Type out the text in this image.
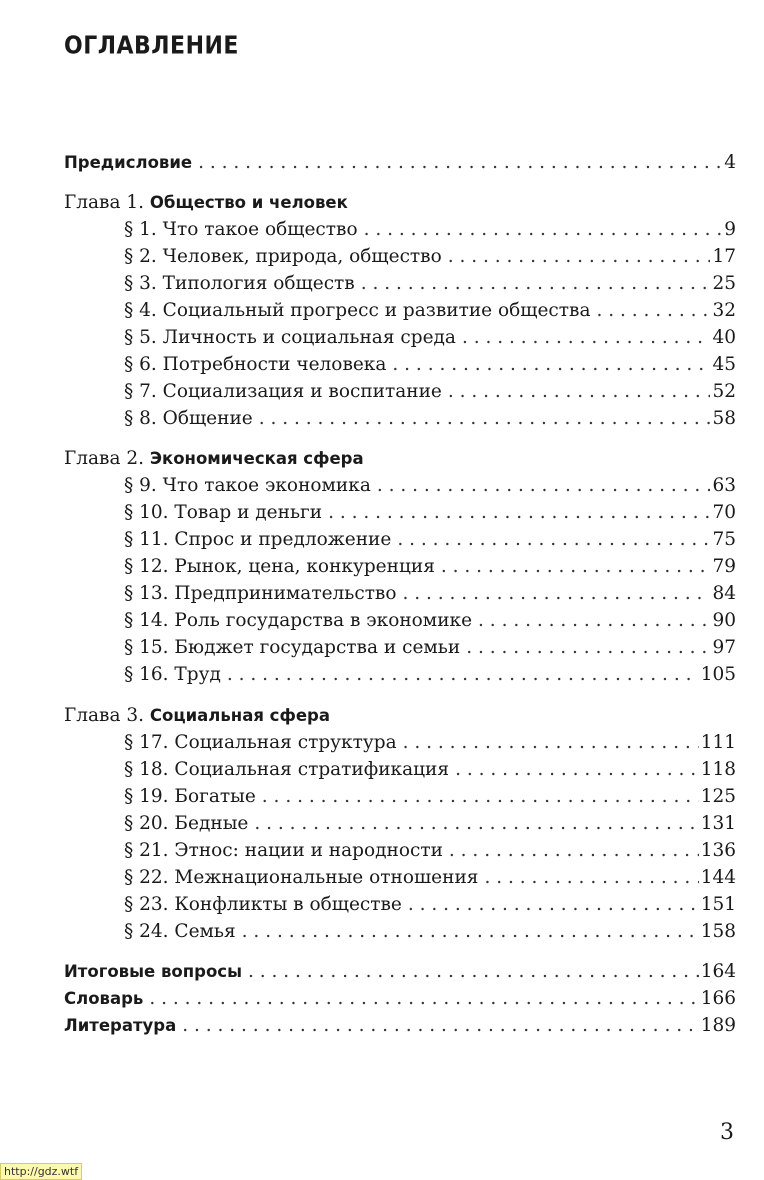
ОГЛАВЛЕНИЕ
Предисловие . . .	4
Глава 1. Общество и человек
§ 1. Что такое общество . . .	9
§ 2. Человек, природа, общество . . .	17
§ 3. Типология обществ . . .	25
§ 4. Социальный прогресс и развитие общества . . .	32
§ 5. Личность и социальная среда . . .	40
§ 6. Потребности человека . . .	45
§ 7. Социализация и воспитание . . .	52
§ 8. Общение . . .	58
Глава 2. Экономическая сфера
§ 9. Что такое экономика . . .	63
§ 10. Товар и деньги . . .	70
§ 11. Спрос и предложение . . .	75
§ 12. Рынок, цена, конкуренция . . .	79
§ 13. Предпринимательство . . .	84
§ 14. Роль государства в экономике . . .	90
§ 15. Бюджет государства и семьи . . .	97
§ 16. Труд . . .	105
Глава 3. Социальная сфера
§ 17. Социальная структура . . .	111
§ 18. Социальная стратификация . . .	118
§ 19. Богатые . . .	125
§ 20. Бедные . . .	131
§ 21. Этнос: нации и народности . . .	136
§ 22. Межнациональные отношения . . .	144
§ 23. Конфликты в обществе . . .	151
§ 24. Семья . . .	158
Итоговые вопросы . . .	164
Словарь . . .	166
Литература . . .	189
3
http://gdz.wtf
